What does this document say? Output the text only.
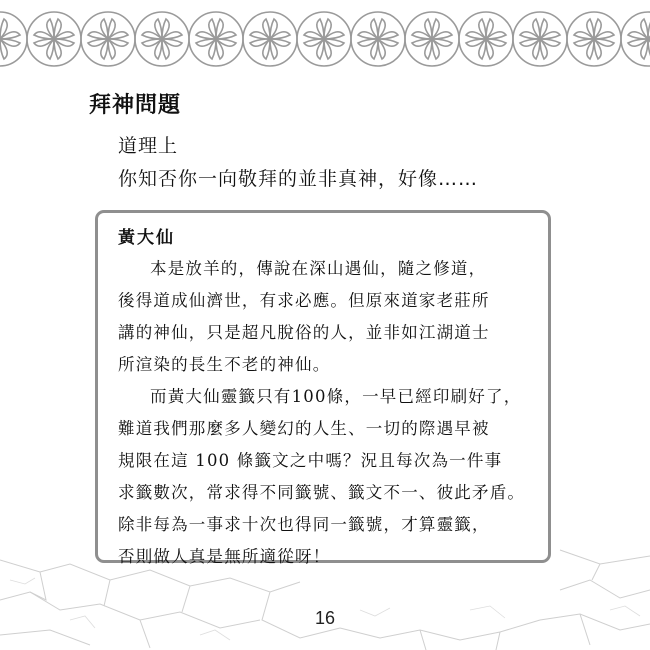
拜神問題

道理上

你知否你一向敬拜的並非真神，好像……

黃大仙

本是放羊的，傳說在深山遇仙，隨之修道，

後得道成仙濟世，有求必應。但原來道家老莊所

講的神仙，只是超凡脫俗的人，並非如江湖道士

所渲染的長生不老的神仙。

而黃大仙靈籤只有100條，一早已經印刷好了，

難道我們那麼多人變幻的人生、一切的際遇早被

規限在這 100 條籤文之中嗎？況且每次為一件事

求籤數次，常求得不同籤號、籤文不一、彼此矛盾。

除非每為一事求十次也得同一籤號，才算靈籤，

否則做人真是無所適從呀！

16
